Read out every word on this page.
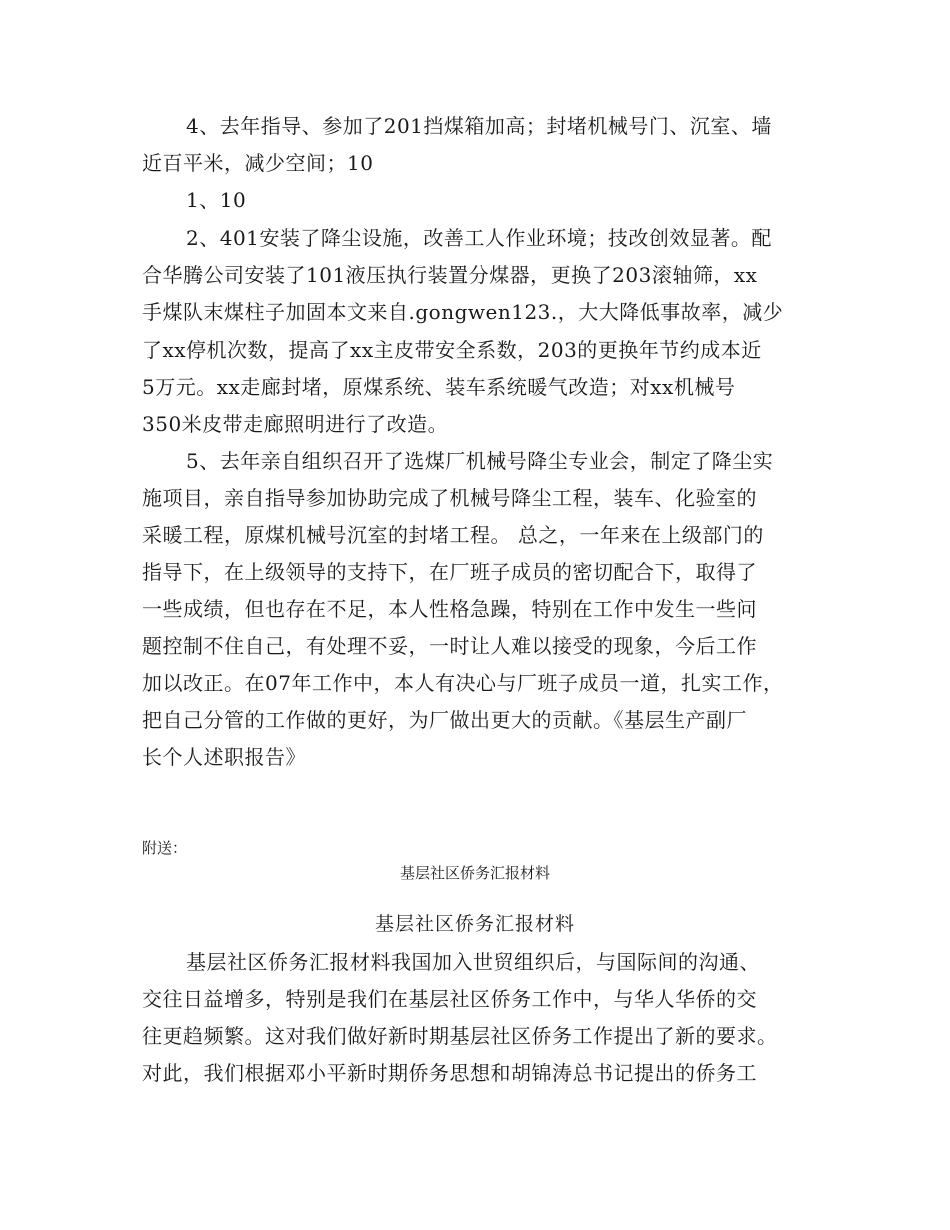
4、去年指导、参加了201挡煤箱加高；封堵机械号门、沉室、墙
近百平米，减少空间；10
1、10
2、401安装了降尘设施，改善工人作业环境；技改创效显著。配
合华腾公司安装了101液压执行装置分煤器，更换了203滚轴筛，xx
手煤队末煤柱子加固本文来自.gongwen123.，大大降低事故率，减少
了xx停机次数，提高了xx主皮带安全系数，203的更换年节约成本近
5万元。xx走廊封堵，原煤系统、装车系统暖气改造；对xx机械号
350米皮带走廊照明进行了改造。
5、去年亲自组织召开了选煤厂机械号降尘专业会，制定了降尘实
施项目，亲自指导参加协助完成了机械号降尘工程，装车、化验室的
采暖工程，原煤机械号沉室的封堵工程。 总之，一年来在上级部门的
指导下，在上级领导的支持下，在厂班子成员的密切配合下，取得了
一些成绩，但也存在不足，本人性格急躁，特别在工作中发生一些问
题控制不住自己，有处理不妥，一时让人难以接受的现象，今后工作
加以改正。在07年工作中，本人有决心与厂班子成员一道，扎实工作，
把自己分管的工作做的更好，为厂做出更大的贡献。《基层生产副厂
长个人述职报告》
附送：
基层社区侨务汇报材料
基层社区侨务汇报材料
基层社区侨务汇报材料我国加入世贸组织后，与国际间的沟通、
交往日益增多，特别是我们在基层社区侨务工作中，与华人华侨的交
往更趋频繁。这对我们做好新时期基层社区侨务工作提出了新的要求。
对此，我们根据邓小平新时期侨务思想和胡锦涛总书记提出的侨务工
